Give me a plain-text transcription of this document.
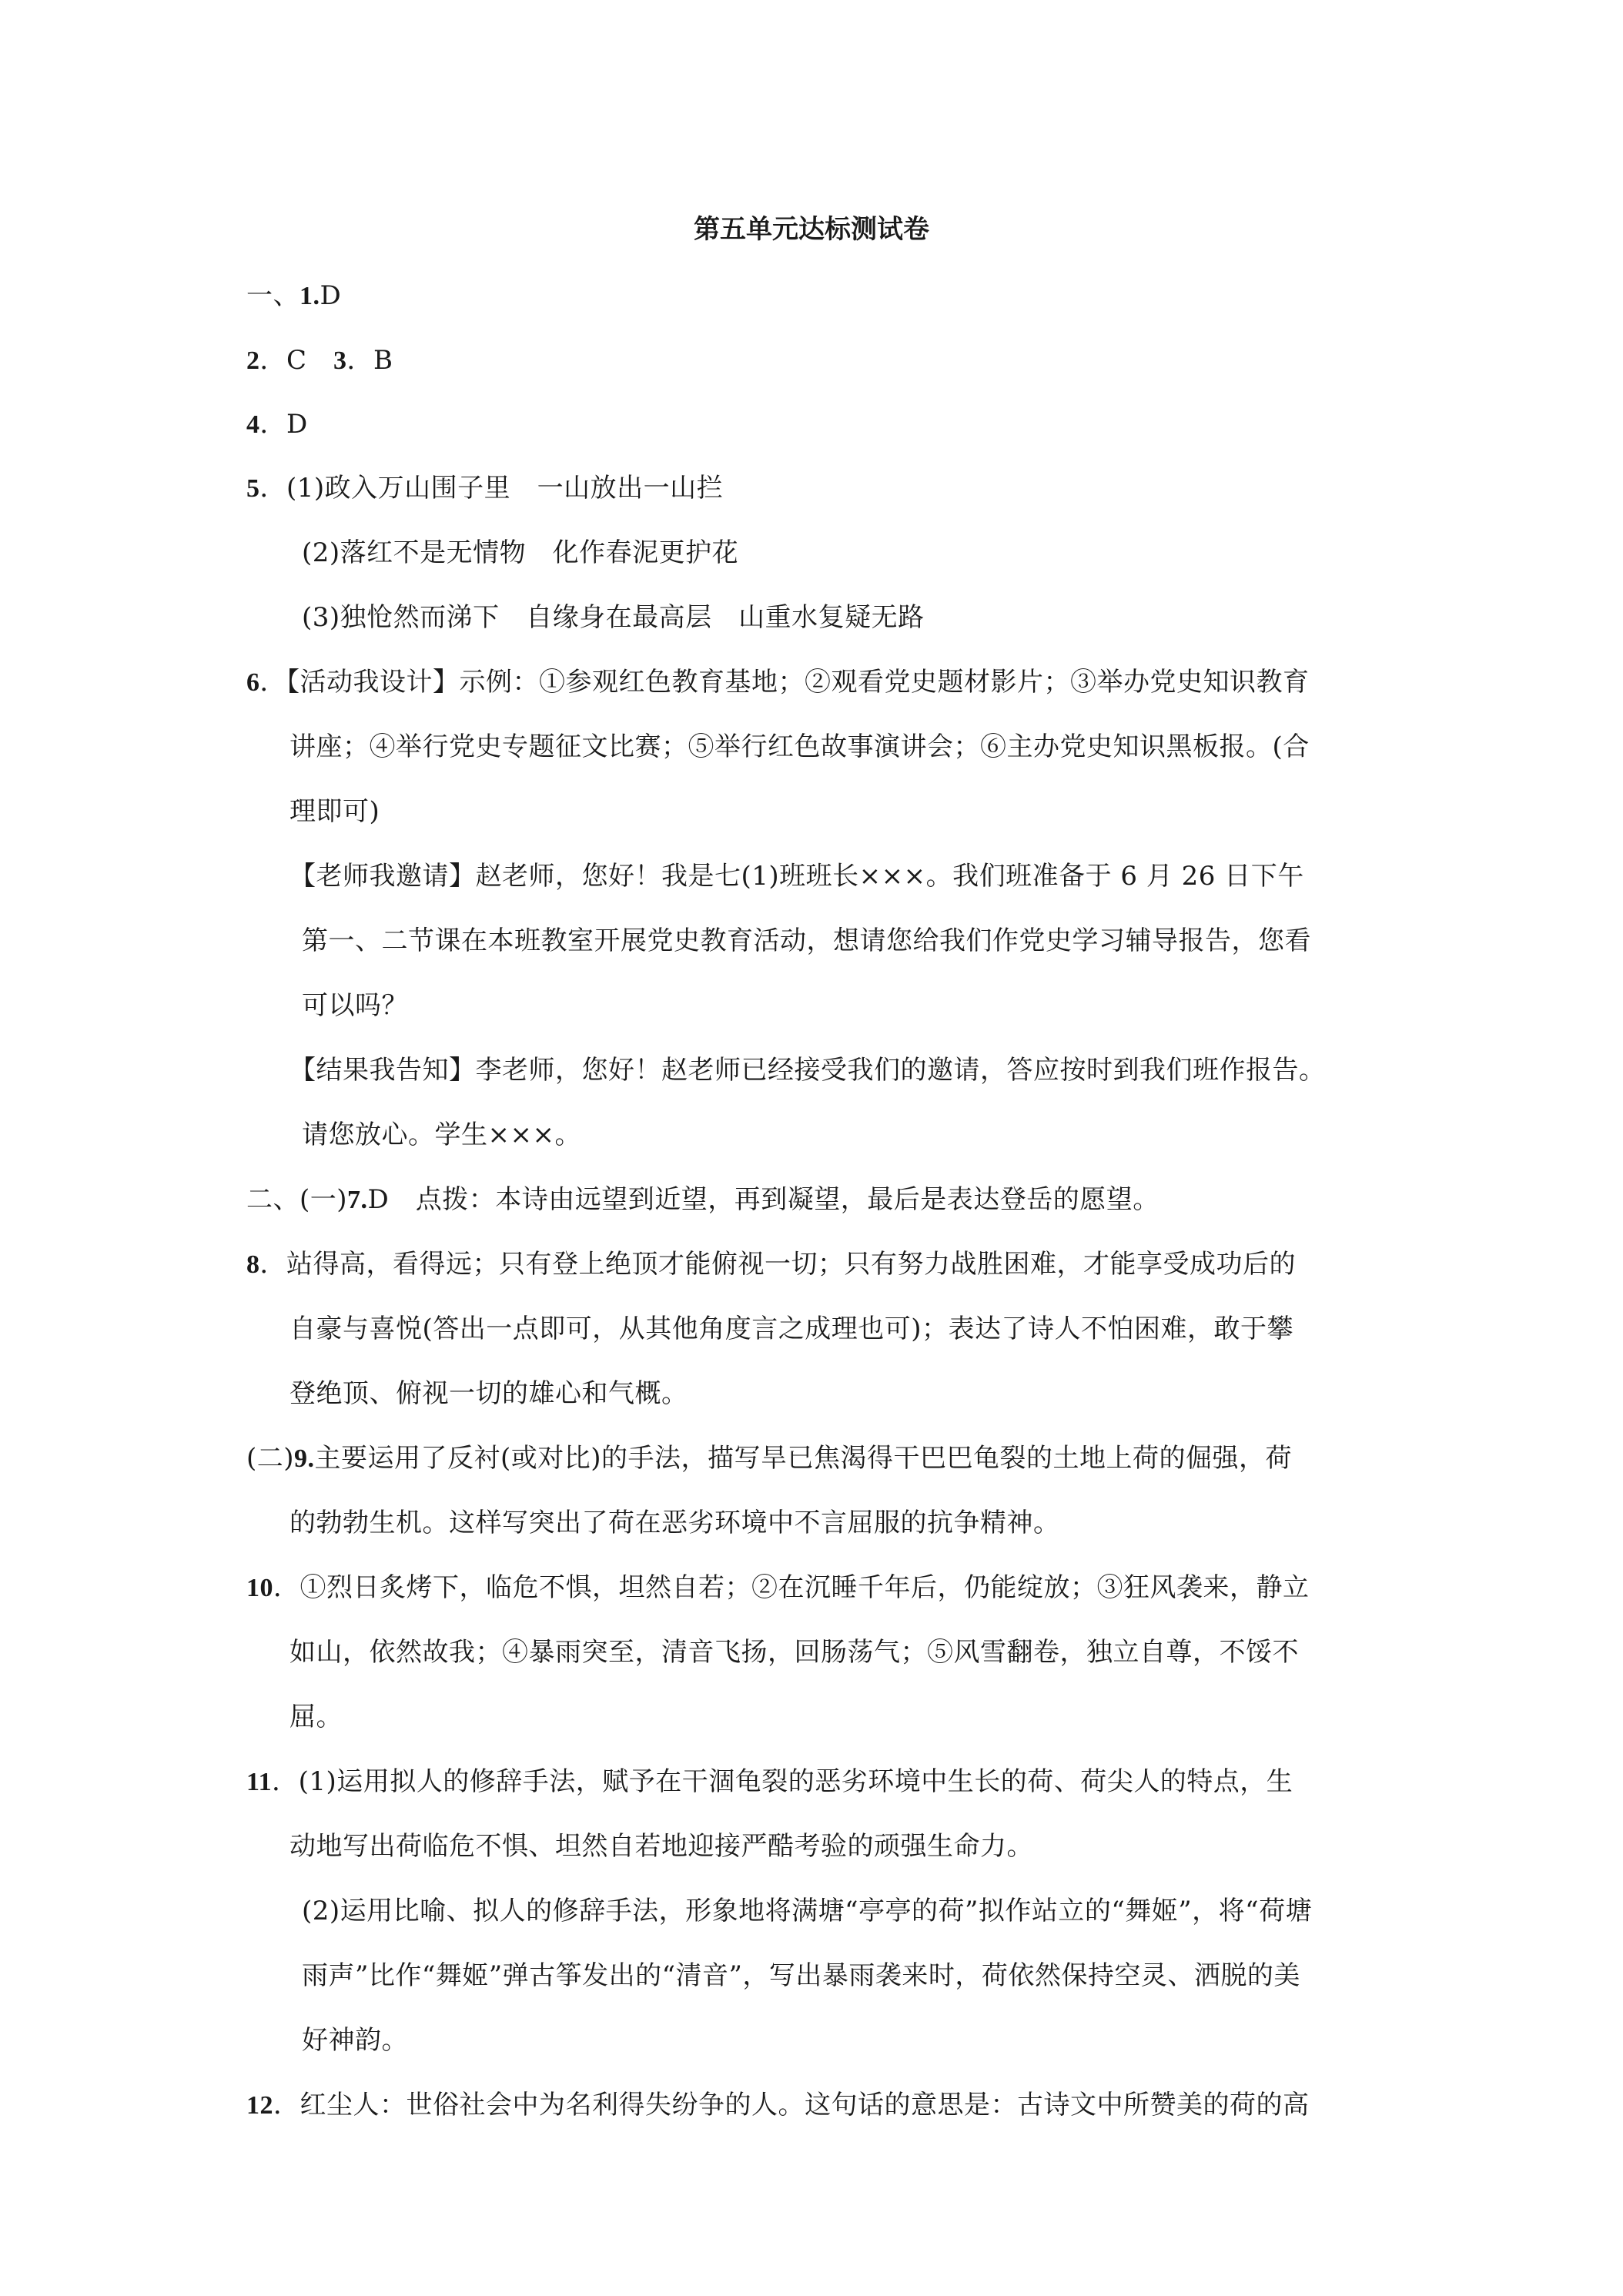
第五单元达标测试卷
一、1.D
2．C　3．B
4．D
5．(1)政入万山围子里　一山放出一山拦
(2)落红不是无情物　化作春泥更护花
(3)独怆然而涕下　自缘身在最高层　山重水复疑无路
6．【活动我设计】示例：①参观红色教育基地；②观看党史题材影片；③举办党史知识教育
讲座；④举行党史专题征文比赛；⑤举行红色故事演讲会；⑥主办党史知识黑板报。(合
理即可)
【老师我邀请】赵老师，您好！我是七(1)班班长×××。我们班准备于 6 月 26 日下午
第一、二节课在本班教室开展党史教育活动，想请您给我们作党史学习辅导报告，您看
可以吗？
【结果我告知】李老师，您好！赵老师已经接受我们的邀请，答应按时到我们班作报告。
请您放心。学生×××。
二、(一)7.D　点拨：本诗由远望到近望，再到凝望，最后是表达登岳的愿望。
8．站得高，看得远；只有登上绝顶才能俯视一切；只有努力战胜困难，才能享受成功后的
自豪与喜悦(答出一点即可，从其他角度言之成理也可)；表达了诗人不怕困难，敢于攀
登绝顶、俯视一切的雄心和气概。
(二)9.主要运用了反衬(或对比)的手法，描写旱已焦渴得干巴巴龟裂的土地上荷的倔强，荷
的勃勃生机。这样写突出了荷在恶劣环境中不言屈服的抗争精神。
10．①烈日炙烤下，临危不惧，坦然自若；②在沉睡千年后，仍能绽放；③狂风袭来，静立
如山，依然故我；④暴雨突至，清音飞扬，回肠荡气；⑤风雪翻卷，独立自尊，不馁不
屈。
11．(1)运用拟人的修辞手法，赋予在干涸龟裂的恶劣环境中生长的荷、荷尖人的特点，生
动地写出荷临危不惧、坦然自若地迎接严酷考验的顽强生命力。
(2)运用比喻、拟人的修辞手法，形象地将满塘“亭亭的荷”拟作站立的“舞姬”，将“荷塘
雨声”比作“舞姬”弹古筝发出的“清音”，写出暴雨袭来时，荷依然保持空灵、洒脱的美
好神韵。
12．红尘人：世俗社会中为名利得失纷争的人。这句话的意思是：古诗文中所赞美的荷的高
